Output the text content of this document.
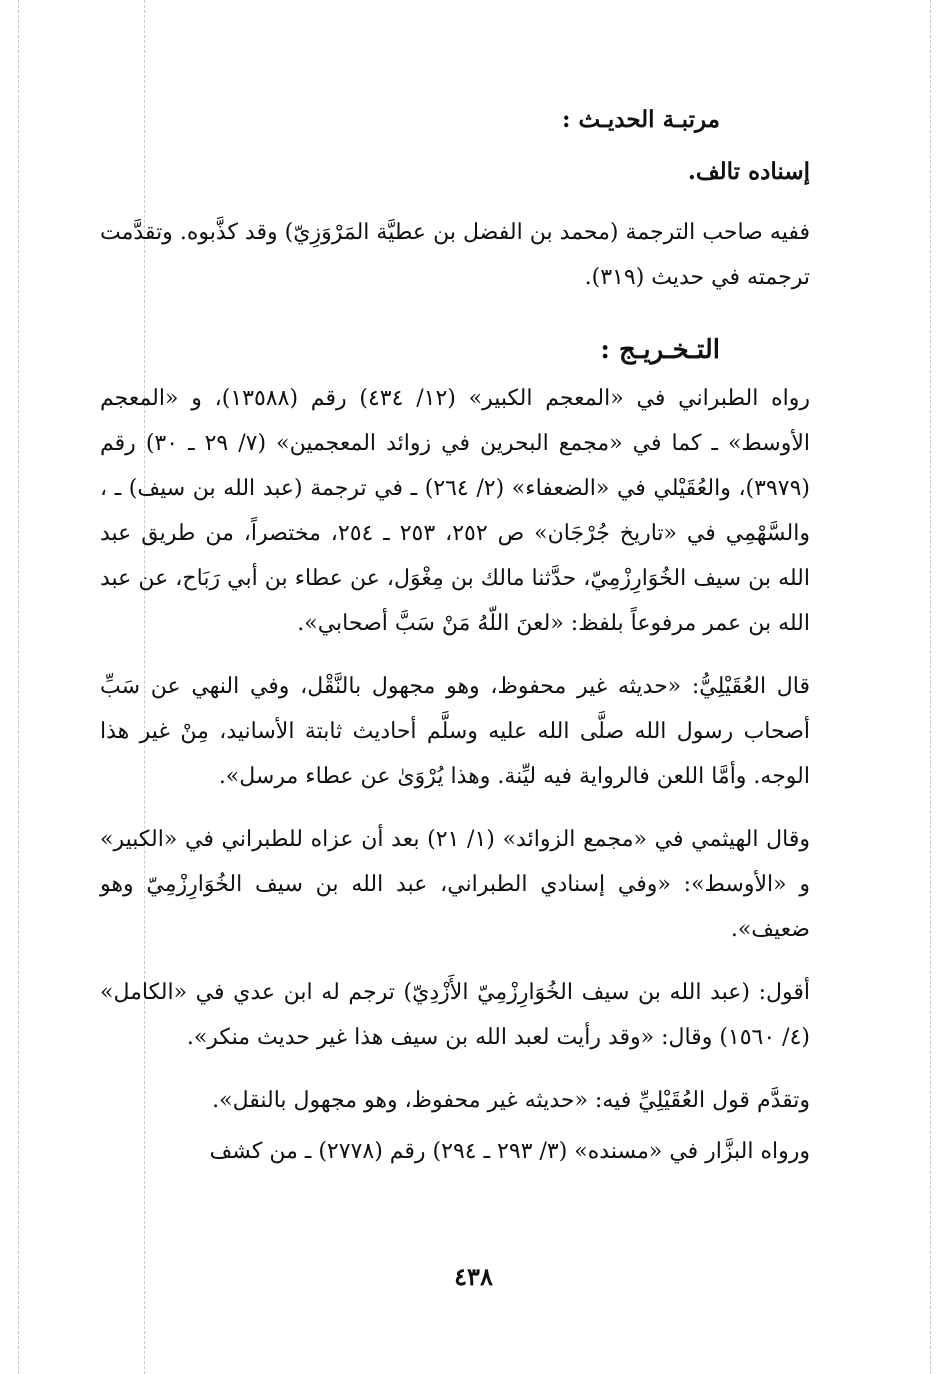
مرتبـة الحديـث :

إسناده تالف.

ففيه صاحب الترجمة (محمد بن الفضل بن عطيَّة المَرْوَزِيّ) وقد كذَّبوه. وتقدَّمت ترجمته في حديث (٣١٩).

التـخـريـج :

رواه الطبراني في «المعجم الكبير» (١٢/ ٤٣٤) رقم (١٣٥٨٨)، و «المعجم الأوسط» ـ كما في «مجمع البحرين في زوائد المعجمين» (٧/ ٢٩ ـ ٣٠) رقم (٣٩٧٩)، والعُقَيْلي في «الضعفاء» (٢/ ٢٦٤) ـ في ترجمة (عبد الله بن سيف) ـ ، والسَّهْمِي في «تاريخ جُرْجَان» ص ٢٥٢، ٢٥٣ ـ ٢٥٤، مختصراً، من طريق عبد الله بن سيف الخُوَارِزْمِيّ، حدَّثنا مالك بن مِغْوَل، عن عطاء بن أبي رَبَاح، عن عبد الله بن عمر مرفوعاً بلفظ: «لعنَ اللّهُ مَنْ سَبَّ أصحابي».

قال العُقَيْلِيُّ: «حديثه غير محفوظ، وهو مجهول بالنَّقْل، وفي النهي عن سَبِّ أصحاب رسول الله صلَّى الله عليه وسلَّم أحاديث ثابتة الأسانيد، مِنْ غير هذا الوجه. وأمَّا اللعن فالرواية فيه ليِّنة. وهذا يُرْوَىٰ عن عطاء مرسل».

وقال الهيثمي في «مجمع الزوائد» (١/ ٢١) بعد أن عزاه للطبراني في «الكبير» و «الأوسط»: «وفي إسنادي الطبراني، عبد الله بن سيف الخُوَارِزْمِيّ وهو ضعيف».

أقول: (عبد الله بن سيف الخُوَارِزْمِيّ الأَزْدِيّ) ترجم له ابن عدي في «الكامل» (٤/ ١٥٦٠) وقال: «وقد رأيت لعبد الله بن سيف هذا غير حديث منكر».

وتقدَّم قول العُقَيْلِيِّ فيه: «حديثه غير محفوظ، وهو مجهول بالنقل».

ورواه البزَّار في «مسنده» (٣/ ٢٩٣ ـ ٢٩٤) رقم (٢٧٧٨) ـ من كشف

٤٣٨
